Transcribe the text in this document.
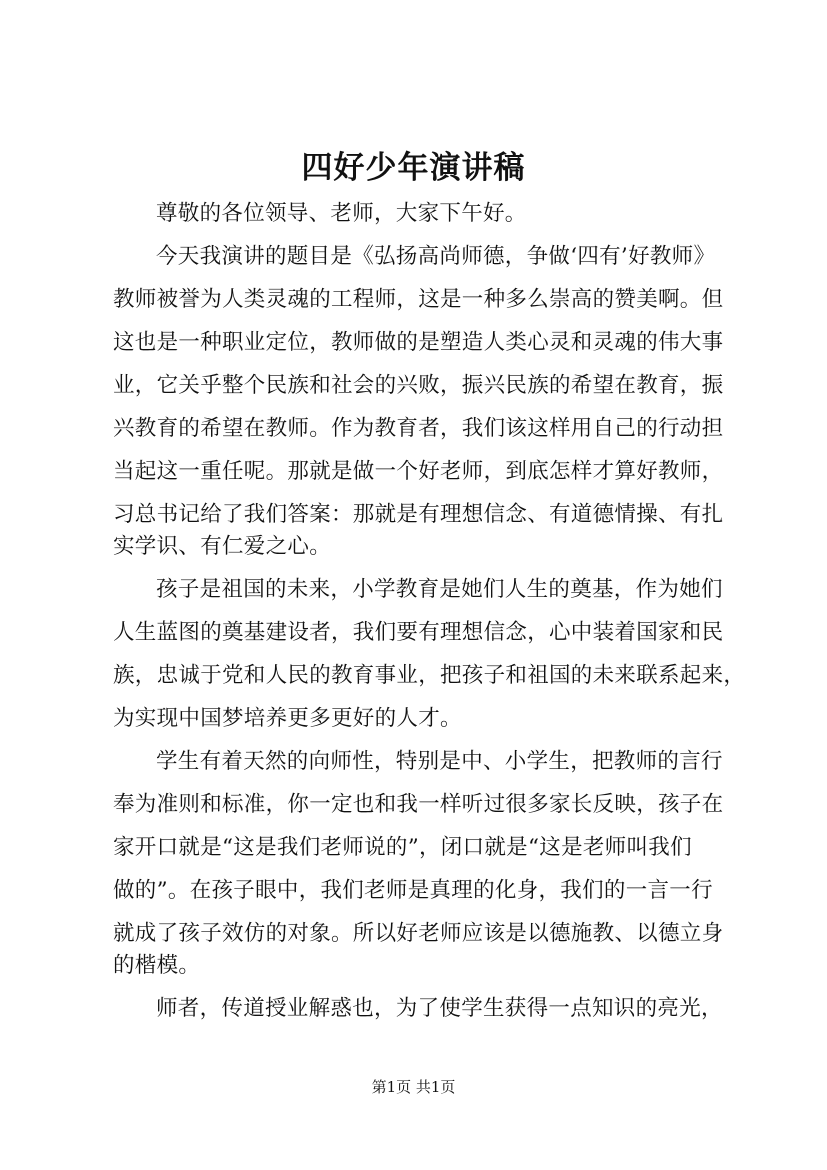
四好少年演讲稿
尊敬的各位领导、老师，大家下午好。
今天我演讲的题目是《弘扬高尚师德，争做‘四有’好教师》
教师被誉为人类灵魂的工程师，这是一种多么崇高的赞美啊。但
这也是一种职业定位，教师做的是塑造人类心灵和灵魂的伟大事
业，它关乎整个民族和社会的兴败，振兴民族的希望在教育，振
兴教育的希望在教师。作为教育者，我们该这样用自己的行动担
当起这一重任呢。那就是做一个好老师，到底怎样才算好教师，
习总书记给了我们答案：那就是有理想信念、有道德情操、有扎
实学识、有仁爱之心。
孩子是祖国的未来，小学教育是她们人生的奠基，作为她们
人生蓝图的奠基建设者，我们要有理想信念，心中装着国家和民
族，忠诚于党和人民的教育事业，把孩子和祖国的未来联系起来，
为实现中国梦培养更多更好的人才。
学生有着天然的向师性，特别是中、小学生，把教师的言行
奉为准则和标准，你一定也和我一样听过很多家长反映，孩子在
家开口就是“这是我们老师说的”，闭口就是“这是老师叫我们
做的”。在孩子眼中，我们老师是真理的化身，我们的一言一行
就成了孩子效仿的对象。所以好老师应该是以德施教、以德立身
的楷模。
师者，传道授业解惑也，为了使学生获得一点知识的亮光，
第1页 共1页
